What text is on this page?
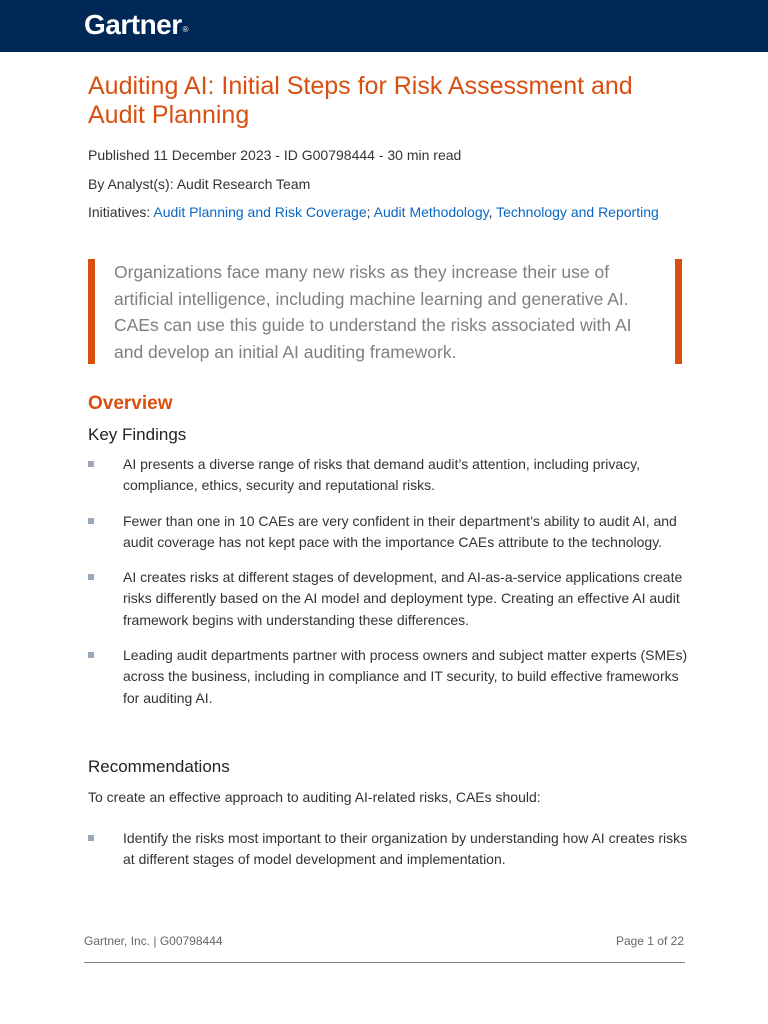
Gartner®
Auditing AI: Initial Steps for Risk Assessment and Audit Planning

Published 11 December 2023 - ID G00798444 - 30 min read

By Analyst(s): Audit Research Team

Initiatives: Audit Planning and Risk Coverage; Audit Methodology, Technology and Reporting

Organizations face many new risks as they increase their use of artificial intelligence, including machine learning and generative AI. CAEs can use this guide to understand the risks associated with AI and develop an initial AI auditing framework.

Overview
Key Findings
AI presents a diverse range of risks that demand audit’s attention, including privacy, compliance, ethics, security and reputational risks.
Fewer than one in 10 CAEs are very confident in their department’s ability to audit AI, and audit coverage has not kept pace with the importance CAEs attribute to the technology.
AI creates risks at different stages of development, and AI-as-a-service applications create risks differently based on the AI model and deployment type. Creating an effective AI audit framework begins with understanding these differences.
Leading audit departments partner with process owners and subject matter experts (SMEs) across the business, including in compliance and IT security, to build effective frameworks for auditing AI.
Recommendations

To create an effective approach to auditing AI-related risks, CAEs should:

Identify the risks most important to their organization by understanding how AI creates risks at different stages of model development and implementation.
Gartner, Inc. | G00798444	Page 1 of 22
